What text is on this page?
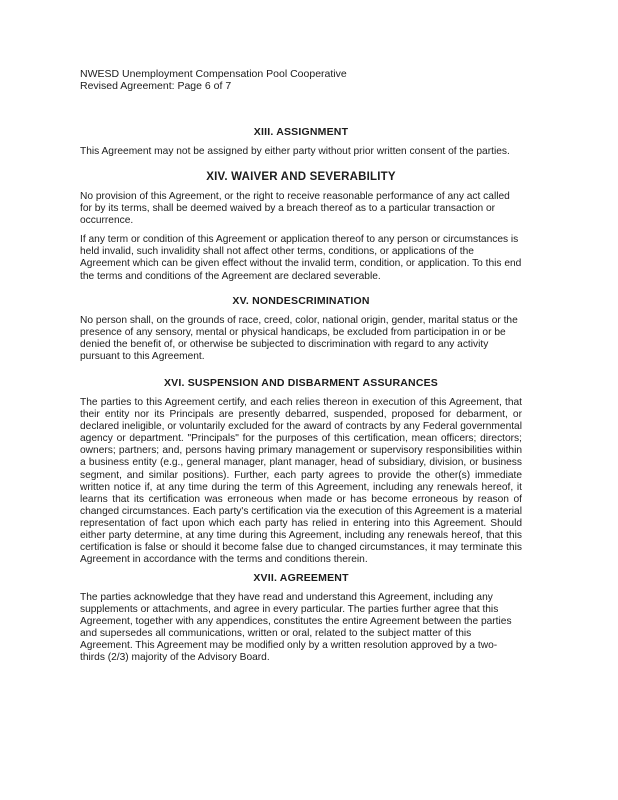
NWESD Unemployment Compensation Pool Cooperative
Revised Agreement: Page 6 of 7
XIII. ASSIGNMENT

This Agreement may not be assigned by either party without prior written consent of the parties.

XIV. WAIVER AND SEVERABILITY

No provision of this Agreement, or the right to receive reasonable performance of any act called for by its terms, shall be deemed waived by a breach thereof as to a particular transaction or occurrence.

If any term or condition of this Agreement or application thereof to any person or circumstances is held invalid, such invalidity shall not affect other terms, conditions, or applications of the Agreement which can be given effect without the invalid term, condition, or application. To this end the terms and conditions of the Agreement are declared severable.

XV. NONDESCRIMINATION

No person shall, on the grounds of race, creed, color, national origin, gender, marital status or the presence of any sensory, mental or physical handicaps, be excluded from participation in or be denied the benefit of, or otherwise be subjected to discrimination with regard to any activity pursuant to this Agreement.

XVI. SUSPENSION AND DISBARMENT ASSURANCES

The parties to this Agreement certify, and each relies thereon in execution of this Agreement, that their entity nor its Principals are presently debarred, suspended, proposed for debarment, or declared ineligible, or voluntarily excluded for the award of contracts by any Federal governmental agency or department. "Principals" for the purposes of this certification, mean officers; directors; owners; partners; and, persons having primary management or supervisory responsibilities within a business entity (e.g., general manager, plant manager, head of subsidiary, division, or business segment, and similar positions). Further, each party agrees to provide the other(s) immediate written notice if, at any time during the term of this Agreement, including any renewals hereof, it learns that its certification was erroneous when made or has become erroneous by reason of changed circumstances. Each party's certification via the execution of this Agreement is a material representation of fact upon which each party has relied in entering into this Agreement. Should either party determine, at any time during this Agreement, including any renewals hereof, that this certification is false or should it become false due to changed circumstances, it may terminate this Agreement in accordance with the terms and conditions therein.

XVII. AGREEMENT

The parties acknowledge that they have read and understand this Agreement, including any supplements or attachments, and agree in every particular. The parties further agree that this Agreement, together with any appendices, constitutes the entire Agreement between the parties and supersedes all communications, written or oral, related to the subject matter of this Agreement. This Agreement may be modified only by a written resolution approved by a two-thirds (2/3) majority of the Advisory Board.
